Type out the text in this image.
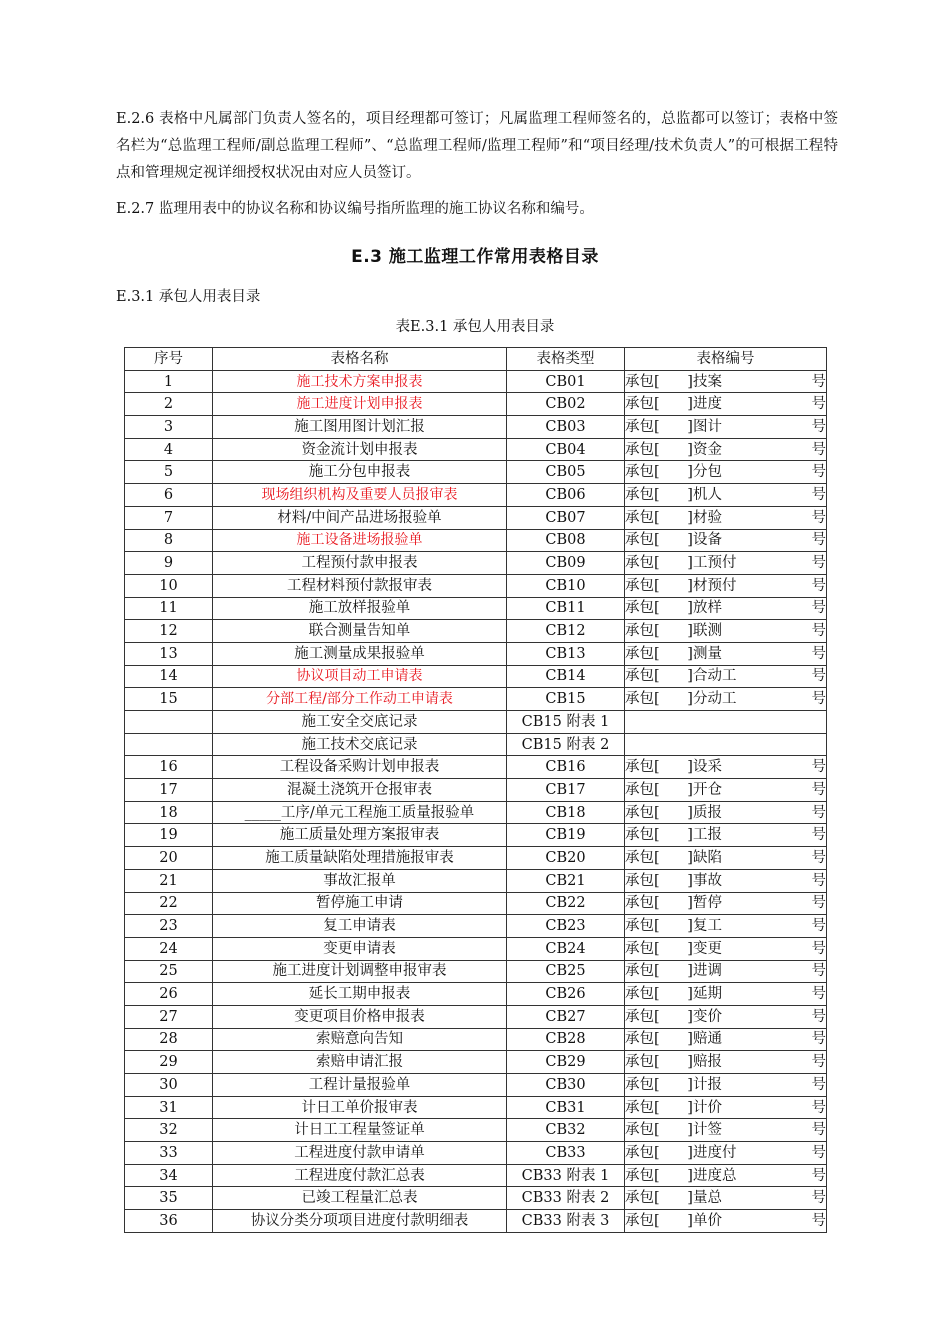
E.2.6 表格中凡属部门负责人签名的，项目经理都可签订；凡属监理工程师签名的，总监都可以签订；表格中签名栏为“总监理工程师/副总监理工程师”、“总监理工程师/监理工程师”和“项目经理/技术负责人”的可根据工程特点和管理规定视详细授权状况由对应人员签订。

E.2.7 监理用表中的协议名称和协议编号指所监理的施工协议名称和编号。

E.3 施工监理工作常用表格目录
E.3.1 承包人用表目录
表E.3.1 承包人用表目录
序号	表格名称	表格类型	表格编号
1	施工技术方案申报表	CB01	承包[      ]技案 号

2	施工进度计划申报表	CB02	承包[      ]进度 号

3	施工图用图计划汇报	CB03	承包[      ]图计 号

4	资金流计划申报表	CB04	承包[      ]资金 号

5	施工分包申报表	CB05	承包[      ]分包 号

6	现场组织机构及重要人员报审表	CB06	承包[      ]机人 号

7	材料/中间产品进场报验单	CB07	承包[      ]材验 号

8	施工设备进场报验单	CB08	承包[      ]设备 号

9	工程预付款申报表	CB09	承包[      ]工预付 号

10	工程材料预付款报审表	CB10	承包[      ]材预付 号

11	施工放样报验单	CB11	承包[      ]放样 号

12	联合测量告知单	CB12	承包[      ]联测 号

13	施工测量成果报验单	CB13	承包[      ]测量 号

14	协议项目动工申请表	CB14	承包[      ]合动工 号

15	分部工程/部分工作动工申请表	CB15	承包[      ]分动工 号

	施工安全交底记录	CB15 附表 1	

	施工技术交底记录	CB15 附表 2	

16	工程设备采购计划申报表	CB16	承包[      ]设采 号

17	混凝土浇筑开仓报审表	CB17	承包[      ]开仓 号

18	_____工序/单元工程施工质量报验单	CB18	承包[      ]质报 号

19	施工质量处理方案报审表	CB19	承包[      ]工报 号

20	施工质量缺陷处理措施报审表	CB20	承包[      ]缺陷 号

21	事故汇报单	CB21	承包[      ]事故 号

22	暂停施工申请	CB22	承包[      ]暂停 号

23	复工申请表	CB23	承包[      ]复工 号

24	变更申请表	CB24	承包[      ]变更 号

25	施工进度计划调整申报审表	CB25	承包[      ]进调 号

26	延长工期申报表	CB26	承包[      ]延期 号

27	变更项目价格申报表	CB27	承包[      ]变价 号

28	索赔意向告知	CB28	承包[      ]赔通 号

29	索赔申请汇报	CB29	承包[      ]赔报 号

30	工程计量报验单	CB30	承包[      ]计报 号

31	计日工单价报审表	CB31	承包[      ]计价 号

32	计日工工程量签证单	CB32	承包[      ]计签 号

33	工程进度付款申请单	CB33	承包[      ]进度付 号

34	工程进度付款汇总表	CB33 附表 1	承包[      ]进度总 号

35	已竣工程量汇总表	CB33 附表 2	承包[      ]量总 号

36	协议分类分项项目进度付款明细表	CB33 附表 3	承包[      ]单价 号
